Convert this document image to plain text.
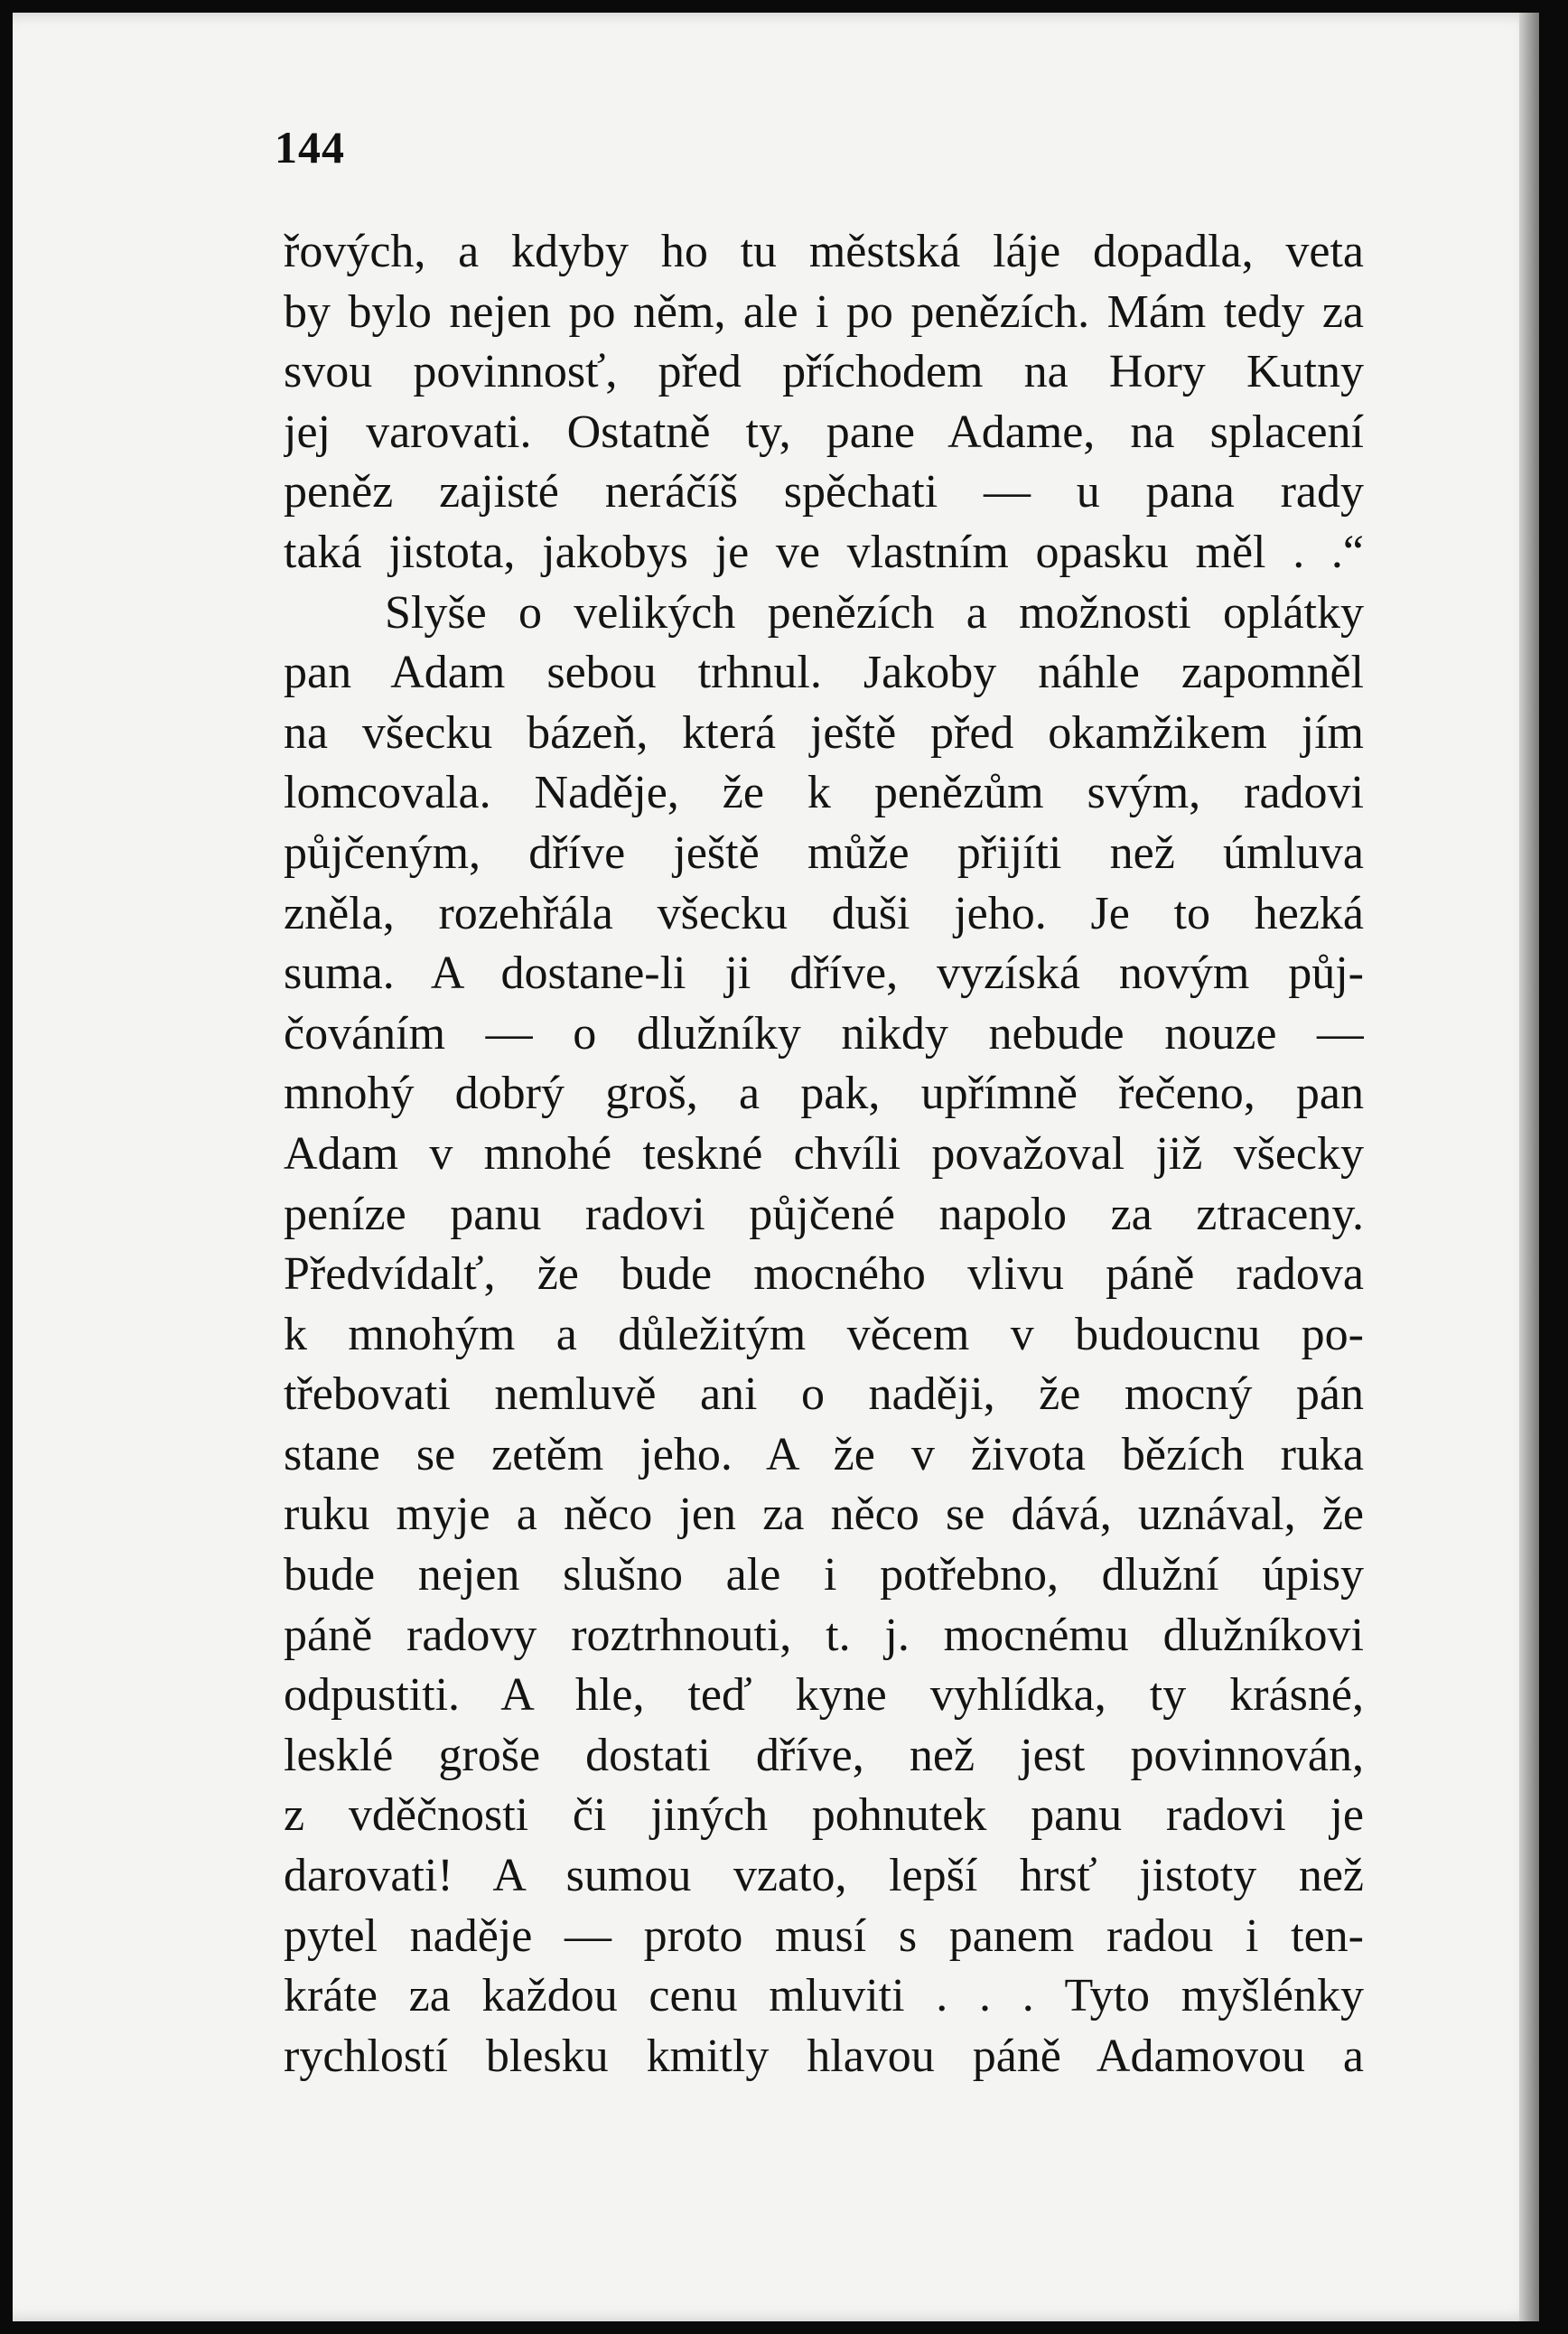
144
řových, a kdyby ho tu městská láje dopadla, veta
by bylo nejen po něm, ale i po penězích. Mám tedy za
svou povinnosť, před příchodem na Hory Kutny
jej varovati. Ostatně ty, pane Adame, na splacení
peněz zajisté neráčíš spěchati — u pana rady
taká jistota, jakobys je ve vlastním opasku měl . .“
Slyše o velikých penězích a možnosti oplátky
pan Adam sebou trhnul. Jakoby náhle zapomněl
na všecku bázeň, která ještě před okamžikem jím
lomcovala. Naděje, že k penězům svým, radovi
půjčeným, dříve ještě může přijíti než úmluva
zněla, rozehřála všecku duši jeho. Je to hezká
suma. A dostane-li ji dříve, vyzíská novým půj-
čováním — o dlužníky nikdy nebude nouze —
mnohý dobrý groš, a pak, upřímně řečeno, pan
Adam v mnohé teskné chvíli považoval již všecky
peníze panu radovi půjčené napolo za ztraceny.
Předvídalť, že bude mocného vlivu páně radova
k mnohým a důležitým věcem v budoucnu po-
třebovati nemluvě ani o naději, že mocný pán
stane se zetěm jeho. A že v života bězích ruka
ruku myje a něco jen za něco se dává, uznával, že
bude nejen slušno ale i potřebno, dlužní úpisy
páně radovy roztrhnouti, t. j. mocnému dlužníkovi
odpustiti. A hle, teď kyne vyhlídka, ty krásné,
lesklé groše dostati dříve, než jest povinnován,
z vděčnosti či jiných pohnutek panu radovi je
darovati! A sumou vzato, lepší hrsť jistoty než
pytel naděje — proto musí s panem radou i ten-
kráte za každou cenu mluviti . . . Tyto myšlénky
rychlostí blesku kmitly hlavou páně Adamovou a
